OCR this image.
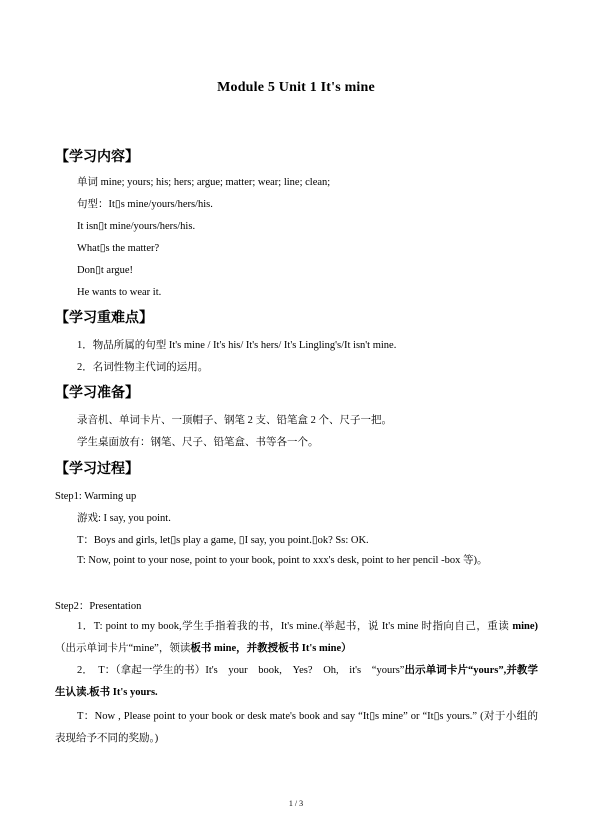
Module 5 Unit 1 It's mine
【学习内容】
单词 mine; yours; his; hers; argue; matter; wear; line; clean;
句型：It▯s mine/yours/hers/his.
It isn▯t mine/yours/hers/his.
What▯s the matter?
Don▯t argue!
He wants to wear it.
【学习重难点】
1．物品所属的句型 It's mine / It's his/ It's hers/ It's Lingling's/It isn't mine.
2．名词性物主代词的运用。
【学习准备】
录音机、单词卡片、一顶帽子、钢笔 2 支、铅笔盒 2 个、尺子一把。
学生桌面放有：钢笔、尺子、铅笔盒、书等各一个。
【学习过程】
Step1: Warming up
游戏: I say, you point.
T：Boys and girls, let▯s play a game, ▯I say, you point.▯ok? Ss: OK.
T: Now, point to your nose, point to your book, point to xxx's desk, point to her pencil -box 等)。
Step2：Presentation
1．T: point to my book,学生手指着我的书，It's mine.(举起书，说 It's mine 时指向自己，重读 mine)（出示单词卡片“mine”，领读板书 mine，并教授板书 It's mine）
2．　T：（拿起一学生的书）It's　your　book,　Yes?　Oh,　it's　“yours”出示单词卡片“yours”,并教学生认读.板书 It's yours.
T：Now , Please point to your book or desk mate's book and say “It▯s mine” or “It▯s yours.” (对于小组的表现给予不同的奖励。)
1 / 3
